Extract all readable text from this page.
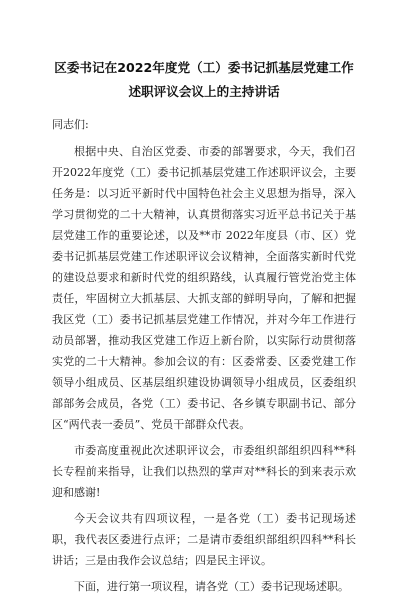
区委书记在2022年度党（工）委书记抓基层党建工作
述职评议会议上的主持讲话

同志们:

根据中央、自治区党委、市委的部署要求，今天，我们召开2022年度党（工）委书记抓基层党建工作述职评议会，主要任务是：以习近平新时代中国特色社会主义思想为指导，深入学习贯彻党的二十大精神，认真贯彻落实习近平总书记关于基层党建工作的重要论述，以及**市 2022年度县（市、区）党委书记抓基层党建工作述职评议会议精神，全面落实新时代党的建设总要求和新时代党的组织路线，认真履行管党治党主体责任，牢固树立大抓基层、大抓支部的鲜明导向，了解和把握我区党（工）委书记抓基层党建工作情况，并对今年工作进行动员部署，推动我区党建工作迈上新台阶，以实际行动贯彻落实党的二十大精神。参加会议的有：区委常委、区委党建工作领导小组成员、区基层组织建设协调领导小组成员，区委组织部部务会成员，各党（工）委书记、各乡镇专职副书记、部分区“两代表一委员”、党员干部群众代表。

市委高度重视此次述职评议会，市委组织部组织四科**科长专程前来指导，让我们以热烈的掌声对**科长的到来表示欢迎和感谢!

今天会议共有四项议程，一是各党（工）委书记现场述职，我代表区委进行点评；二是请市委组织部组织四科**科长讲话；三是由我作会议总结；四是民主评议。

下面，进行第一项议程，请各党（工）委书记现场述职。
